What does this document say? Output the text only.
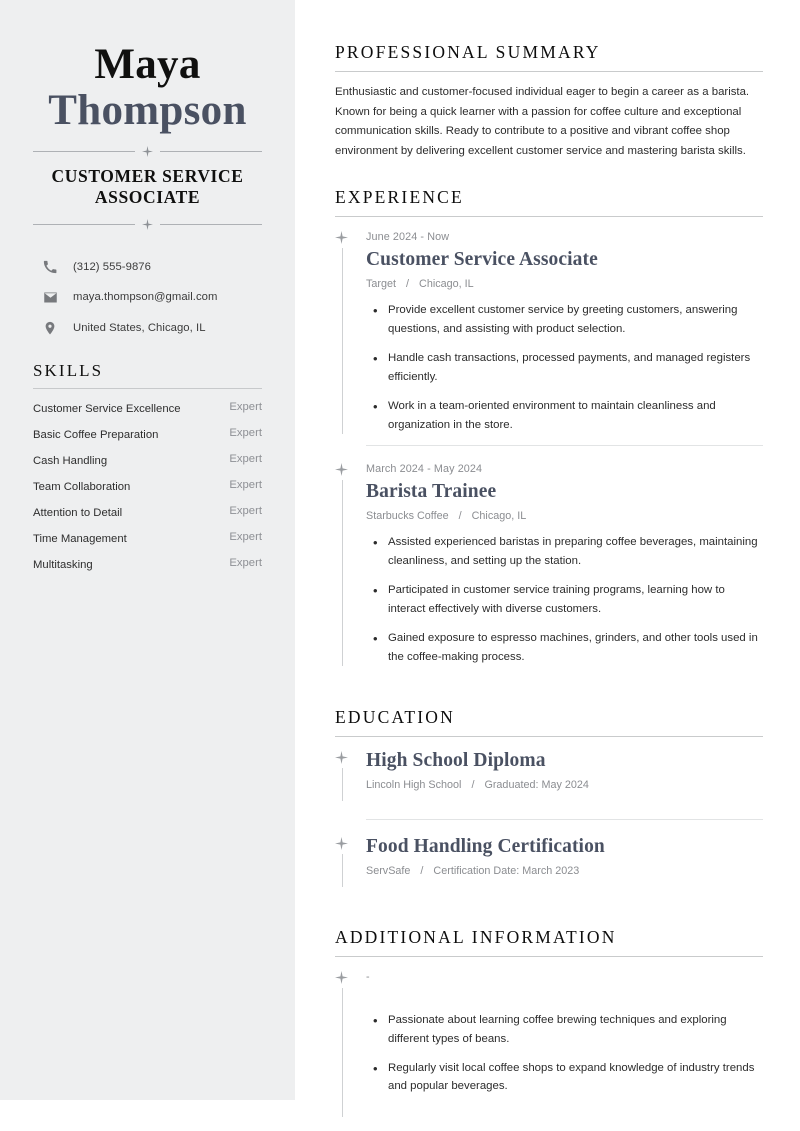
Maya
Thompson
CUSTOMER SERVICE ASSOCIATE
(312) 555-9876
maya.thompson@gmail.com
United States, Chicago, IL
SKILLS
Customer Service Excellence	Expert
Basic Coffee Preparation	Expert
Cash Handling	Expert
Team Collaboration	Expert
Attention to Detail	Expert
Time Management	Expert
Multitasking	Expert
PROFESSIONAL SUMMARY

Enthusiastic and customer-focused individual eager to begin a career as a barista. Known for being a quick learner with a passion for coffee culture and exceptional communication skills. Ready to contribute to a positive and vibrant coffee shop environment by delivering excellent customer service and mastering barista skills.

EXPERIENCE
June 2024 - Now
Customer Service Associate
Target / Chicago, IL
• Provide excellent customer service by greeting customers, answering questions, and assisting with product selection.
• Handle cash transactions, processed payments, and managed registers efficiently.
• Work in a team-oriented environment to maintain cleanliness and organization in the store.
March 2024 - May 2024
Barista Trainee
Starbucks Coffee / Chicago, IL
• Assisted experienced baristas in preparing coffee beverages, maintaining cleanliness, and setting up the station.
• Participated in customer service training programs, learning how to interact effectively with diverse customers.
• Gained exposure to espresso machines, grinders, and other tools used in the coffee-making process.
EDUCATION
High School Diploma
Lincoln High School / Graduated: May 2024
Food Handling Certification
ServSafe / Certification Date: March 2023
ADDITIONAL INFORMATION
-
• Passionate about learning coffee brewing techniques and exploring different types of beans.
• Regularly visit local coffee shops to expand knowledge of industry trends and popular beverages.
